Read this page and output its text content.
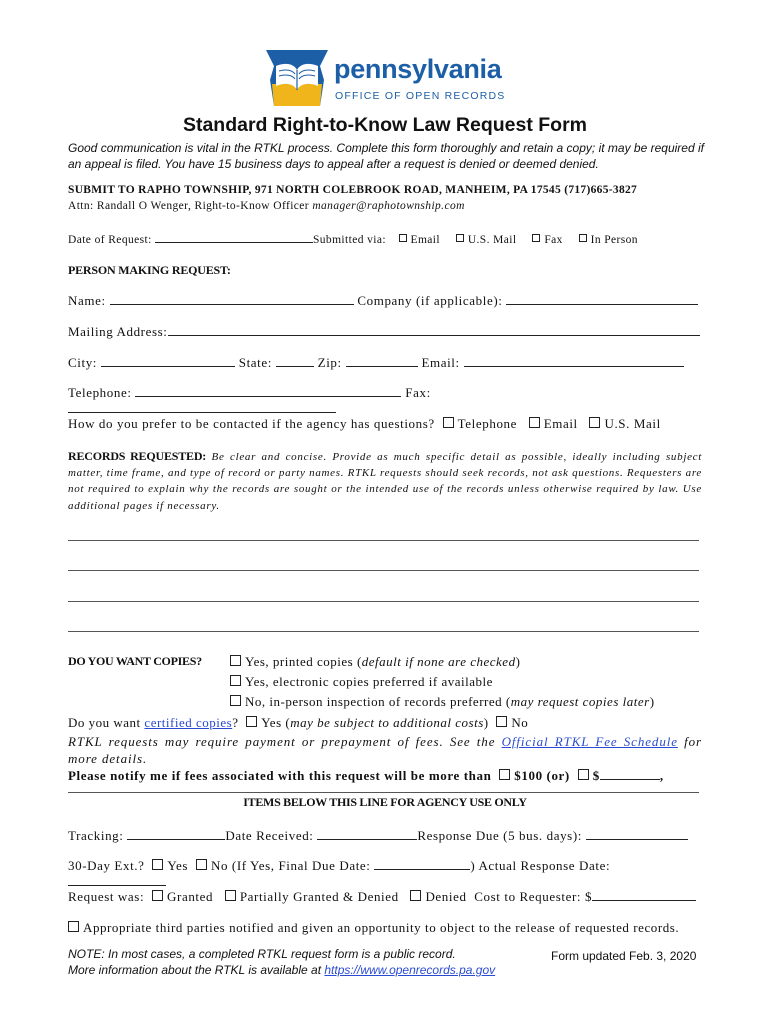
pennsylvania
OFFICE OF OPEN RECORDS
Standard Right-to-Know Law Request Form
Good communication is vital in the RTKL process. Complete this form thoroughly and retain a copy; it may be required if an appeal is filed. You have 15 business days to appeal after a request is denied or deemed denied.
SUBMIT TO RAPHO TOWNSHIP, 971 NORTH COLEBROOK ROAD, MANHEIM, PA 17545 (717)665-3827
Attn: Randall O Wenger, Right-to-Know Officer manager@raphotownship.com
Date of Request:	Submitted via: Email U.S. Mail Fax In Person
PERSON MAKING REQUEST:
Name:	Company (if applicable):
Mailing Address:
City:	State:	Zip:	Email:
Telephone:	Fax:
How do you prefer to be contacted if the agency has questions? Telephone Email U.S. Mail
RECORDS REQUESTED: Be clear and concise. Provide as much specific detail as possible, ideally including subject matter, time frame, and type of record or party names. RTKL requests should seek records, not ask questions. Requesters are not required to explain why the records are sought or the intended use of the records unless otherwise required by law. Use additional pages if necessary.
DO YOU WANT COPIES?	Yes, printed copies (default if none are checked)
Yes, electronic copies preferred if available
No, in-person inspection of records preferred (may request copies later)
Do you want certified copies? Yes (may be subject to additional costs) No
RTKL requests may require payment or prepayment of fees. See the Official RTKL Fee Schedule for more details.
Please notify me if fees associated with this request will be more than $100 (or) $	,
ITEMS BELOW THIS LINE FOR AGENCY USE ONLY
Tracking:	Date Received:	Response Due (5 bus. days):
30-Day Ext.? Yes No (If Yes, Final Due Date:	) Actual Response Date:
Request was: Granted Partially Granted & Denied Denied Cost to Requester: $
Appropriate third parties notified and given an opportunity to object to the release of requested records.
NOTE: In most cases, a completed RTKL request form is a public record.
More information about the RTKL is available at https://www.openrecords.pa.gov
Form updated Feb. 3, 2020
